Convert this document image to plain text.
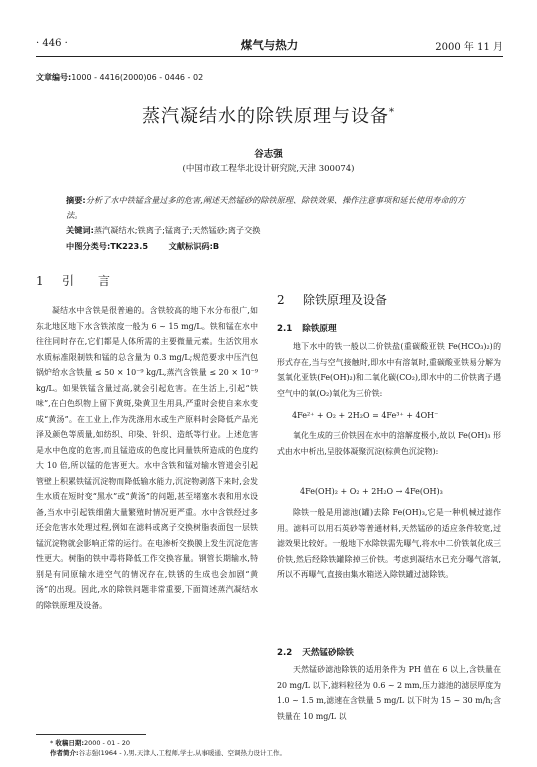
· 446 ·	煤气与热力	2000 年 11 月
文章编号:1000 - 4416(2000)06 - 0446 - 02
蒸汽凝结水的除铁原理与设备*
谷志强
(中国市政工程华北设计研究院,天津 300074)
摘要:分析了水中铁锰含量过多的危害,阐述天然锰砂的除铁原理、除铁效果、操作注意事项和延长使用寿命的方法。
关键词:蒸汽凝结水;铁离子;锰离子;天然锰砂;离子交换
中图分类号:TK223.5	文献标识码:B
1 引　　言

凝结水中含铁是很普遍的。含铁较高的地下水分布很广,如东北地区地下水含铁浓度一般为 6 ~ 15 mg/L。铁和锰在水中往往同时存在,它们都是人体所需的主要微量元素。生活饮用水水质标准限制铁和锰的总含量为 0.3 mg/L;规范要求中压汽包锅炉给水含铁量 ≤ 50 × 10⁻⁹ kg/L,蒸汽含铁量 ≤ 20 × 10⁻⁹ kg/L。如果铁锰含量过高,就会引起危害。在生活上,引起“铁味”,在白色织物上留下黄斑,染黄卫生用具,严重时会使自来水变成“黄汤”。在工业上,作为洗涤用水或生产原料时会降低产品光泽及颜色等质量,如纺织、印染、针织、造纸等行业。上述危害是水中色度的危害,而且锰造成的色度比同量铁所造成的色度约大 10 倍,所以锰的危害更大。水中含铁和锰对输水管道会引起管壁上积累铁锰沉淀物而降低输水能力,沉淀物剥落下来时,会发生水质在短时变“黑水”或“黄汤”的问题,甚至堵塞水表和用水设备,当水中引起铁细菌大量繁殖时情况更严重。水中含铁经过多还会危害水处理过程,例如在滤料或离子交换树脂表面包一层铁锰沉淀物就会影响正常的运行。在电渗析交换膜上发生沉淀危害性更大。树脂的铁中毒将降低工作交换容量。钢管长期输水,特别是有同原输水进空气的情况存在,铁锈的生成也会加剧“黄汤”的出现。因此,水的除铁问题非常重要,下面简述蒸汽凝结水的除铁原理及设备。

2 除铁原理及设备
2.1 除铁原理

地下水中的铁一般以二价铁盐(重碳酸亚铁 Fe(HCO₃)₂)的形式存在,当与空气接触时,即水中有溶氧时,重碳酸亚铁易分解为氢氧化亚铁(Fe(OH)₂)和二氧化碳(CO₂),即水中的二价铁离子遇空气中的氧(O₂)氧化为三价铁:

4Fe²⁺ + O₂ + 2H₂O = 4Fe³⁺ + 4OH⁻

氧化生成的三价铁因在水中的溶解度极小,故以 Fe(OH)₃ 形式由水中析出,呈胶体凝聚沉淀(棕黄色沉淀物):

4Fe(OH)₂ + O₂ + 2H₂O → 4Fe(OH)₃

除铁一般是用滤池(罐)去除 Fe(OH)₃,它是一种机械过滤作用。滤料可以用石英砂等普通材料,天然锰砂的适应条件较宽,过滤效果比较好。一般地下水除铁需先曝气,将水中二价铁氧化成三价铁,然后经除铁罐除掉三价铁。考虑到凝结水已充分曝气溶氧,所以不再曝气,直接由集水箱送入除铁罐过滤除铁。

2.2 天然锰砂除铁

天然锰砂滤池除铁的适用条件为 PH 值在 6 以上,含铁量在 20 mg/L 以下,滤料粒径为 0.6 ~ 2 mm,压力滤池的滤层厚度为 1.0 ~ 1.5 m,滤速在含铁量 5 mg/L 以下时为 15 ~ 30 m/h;含铁量在 10 mg/L 以

* 收稿日期:2000 - 01 - 20
作者简介:谷志强(1964 - ),男,天津人,工程师,学士,从事暖通、空调热力设计工作。
